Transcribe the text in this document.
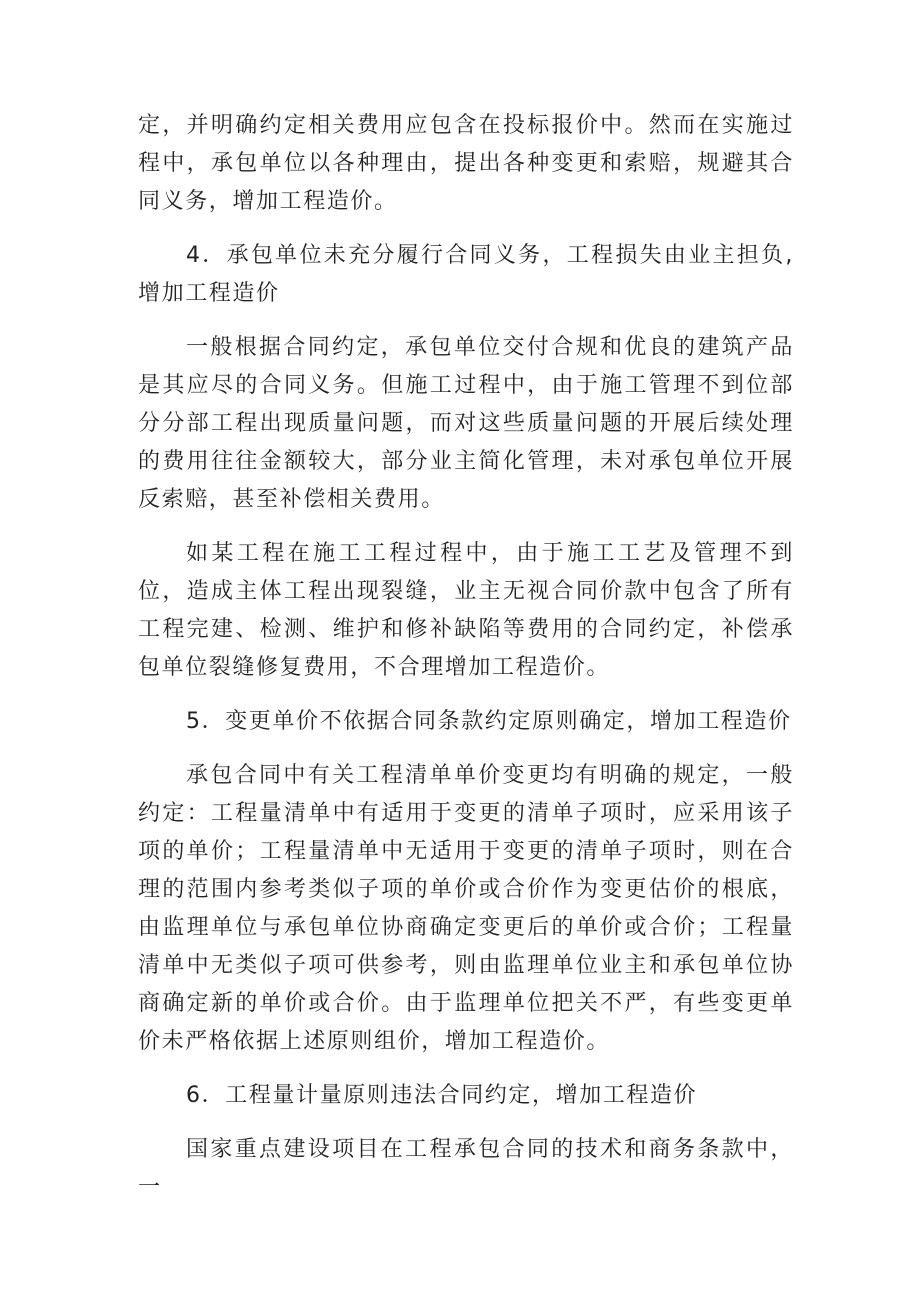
定，并明确约定相关费用应包含在投标报价中。然而在实施过程中，承包单位以各种理由，提出各种变更和索赔，规避其合同义务，增加工程造价。

4．承包单位未充分履行合同义务，工程损失由业主担负,增加工程造价

一般根据合同约定，承包单位交付合规和优良的建筑产品是其应尽的合同义务。但施工过程中，由于施工管理不到位部分分部工程出现质量问题，而对这些质量问题的开展后续处理的费用往往金额较大，部分业主简化管理，未对承包单位开展反索赔，甚至补偿相关费用。

如某工程在施工工程过程中，由于施工工艺及管理不到位，造成主体工程出现裂缝，业主无视合同价款中包含了所有工程完建、检测、维护和修补缺陷等费用的合同约定，补偿承包单位裂缝修复费用，不合理增加工程造价。

5．变更单价不依据合同条款约定原则确定，增加工程造价

承包合同中有关工程清单单价变更均有明确的规定，一般约定：工程量清单中有适用于变更的清单子项时，应采用该子项的单价；工程量清单中无适用于变更的清单子项时，则在合理的范围内参考类似子项的单价或合价作为变更估价的根底，由监理单位与承包单位协商确定变更后的单价或合价；工程量清单中无类似子项可供参考，则由监理单位业主和承包单位协商确定新的单价或合价。由于监理单位把关不严，有些变更单价未严格依据上述原则组价，增加工程造价。

6．工程量计量原则违法合同约定，增加工程造价

国家重点建设项目在工程承包合同的技术和商务条款中，一
